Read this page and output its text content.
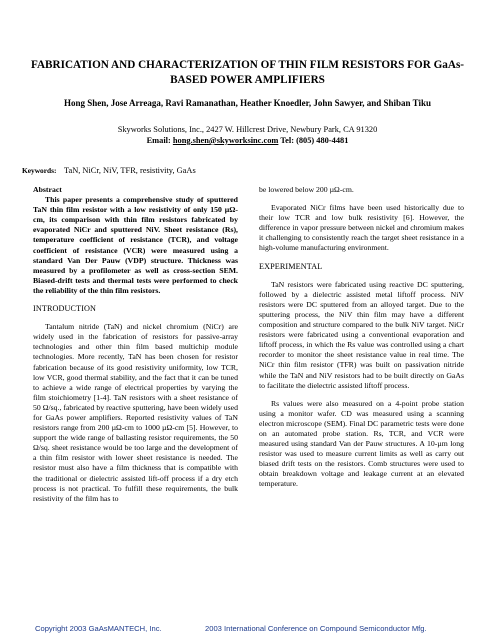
FABRICATION AND CHARACTERIZATION OF THIN FILM RESISTORS FOR GaAs-BASED POWER AMPLIFIERS
Hong Shen, Jose Arreaga, Ravi Ramanathan, Heather Knoedler, John Sawyer, and Shiban Tiku
Skyworks Solutions, Inc., 2427 W. Hillcrest Drive, Newbury Park, CA 91320
Email: hong.shen@skyworksinc.com Tel: (805) 480-4481
Keywords: TaN, NiCr, NiV, TFR, resistivity, GaAs
Abstract

This paper presents a comprehensive study of sputtered TaN thin film resistor with a low resistivity of only 150 µΩ-cm, its comparison with thin film resistors fabricated by evaporated NiCr and sputtered NiV. Sheet resistance (Rs), temperature coefficient of resistance (TCR), and voltage coefficient of resistance (VCR) were measured using a standard Van Der Pauw (VDP) structure. Thickness was measured by a profilometer as well as cross-section SEM. Biased-drift tests and thermal tests were performed to check the reliability of the thin film resistors.

INTRODUCTION

Tantalum nitride (TaN) and nickel chromium (NiCr) are widely used in the fabrication of resistors for passive-array technologies and other thin film based multichip module technologies. More recently, TaN has been chosen for resistor fabrication because of its good resistivity uniformity, low TCR, low VCR, good thermal stability, and the fact that it can be tuned to achieve a wide range of electrical properties by varying the film stoichiometry [1-4]. TaN resistors with a sheet resistance of 50 Ω/sq., fabricated by reactive sputtering, have been widely used for GaAs power amplifiers. Reported resistivity values of TaN resistors range from 200 µΩ-cm to 1000 µΩ-cm [5]. However, to support the wide range of ballasting resistor requirements, the 50 Ω/sq. sheet resistance would be too large and the development of a thin film resistor with lower sheet resistance is needed. The resistor must also have a film thickness that is compatible with the traditional or dielectric assisted lift-off process if a dry etch process is not practical. To fulfill these requirements, the bulk resistivity of the film has to

be lowered below 200 µΩ-cm.

Evaporated NiCr films have been used historically due to their low TCR and low bulk resistivity [6]. However, the difference in vapor pressure between nickel and chromium makes it challenging to consistently reach the target sheet resistance in a high-volume manufacturing environment.

EXPERIMENTAL

TaN resistors were fabricated using reactive DC sputtering, followed by a dielectric assisted metal liftoff process. NiV resistors were DC sputtered from an alloyed target. Due to the sputtering process, the NiV thin film may have a different composition and structure compared to the bulk NiV target. NiCr resistors were fabricated using a conventional evaporation and liftoff process, in which the Rs value was controlled using a chart recorder to monitor the sheet resistance value in real time. The NiCr thin film resistor (TFR) was built on passivation nitride while the TaN and NiV resistors had to be built directly on GaAs to facilitate the dielectric assisted liftoff process.

Rs values were also measured on a 4-point probe station using a monitor wafer. CD was measured using a scanning electron microscope (SEM). Final DC parametric tests were done on an automated probe station. Rs, TCR, and VCR were measured using standard Van der Pauw structures. A 10-µm long resistor was used to measure current limits as well as carry out biased drift tests on the resistors. Comb structures were used to obtain breakdown voltage and leakage current at an elevated temperature.

Copyright 2003 GaAsMANTECH, Inc.	2003 International Conference on Compound Semiconductor Mfg.
